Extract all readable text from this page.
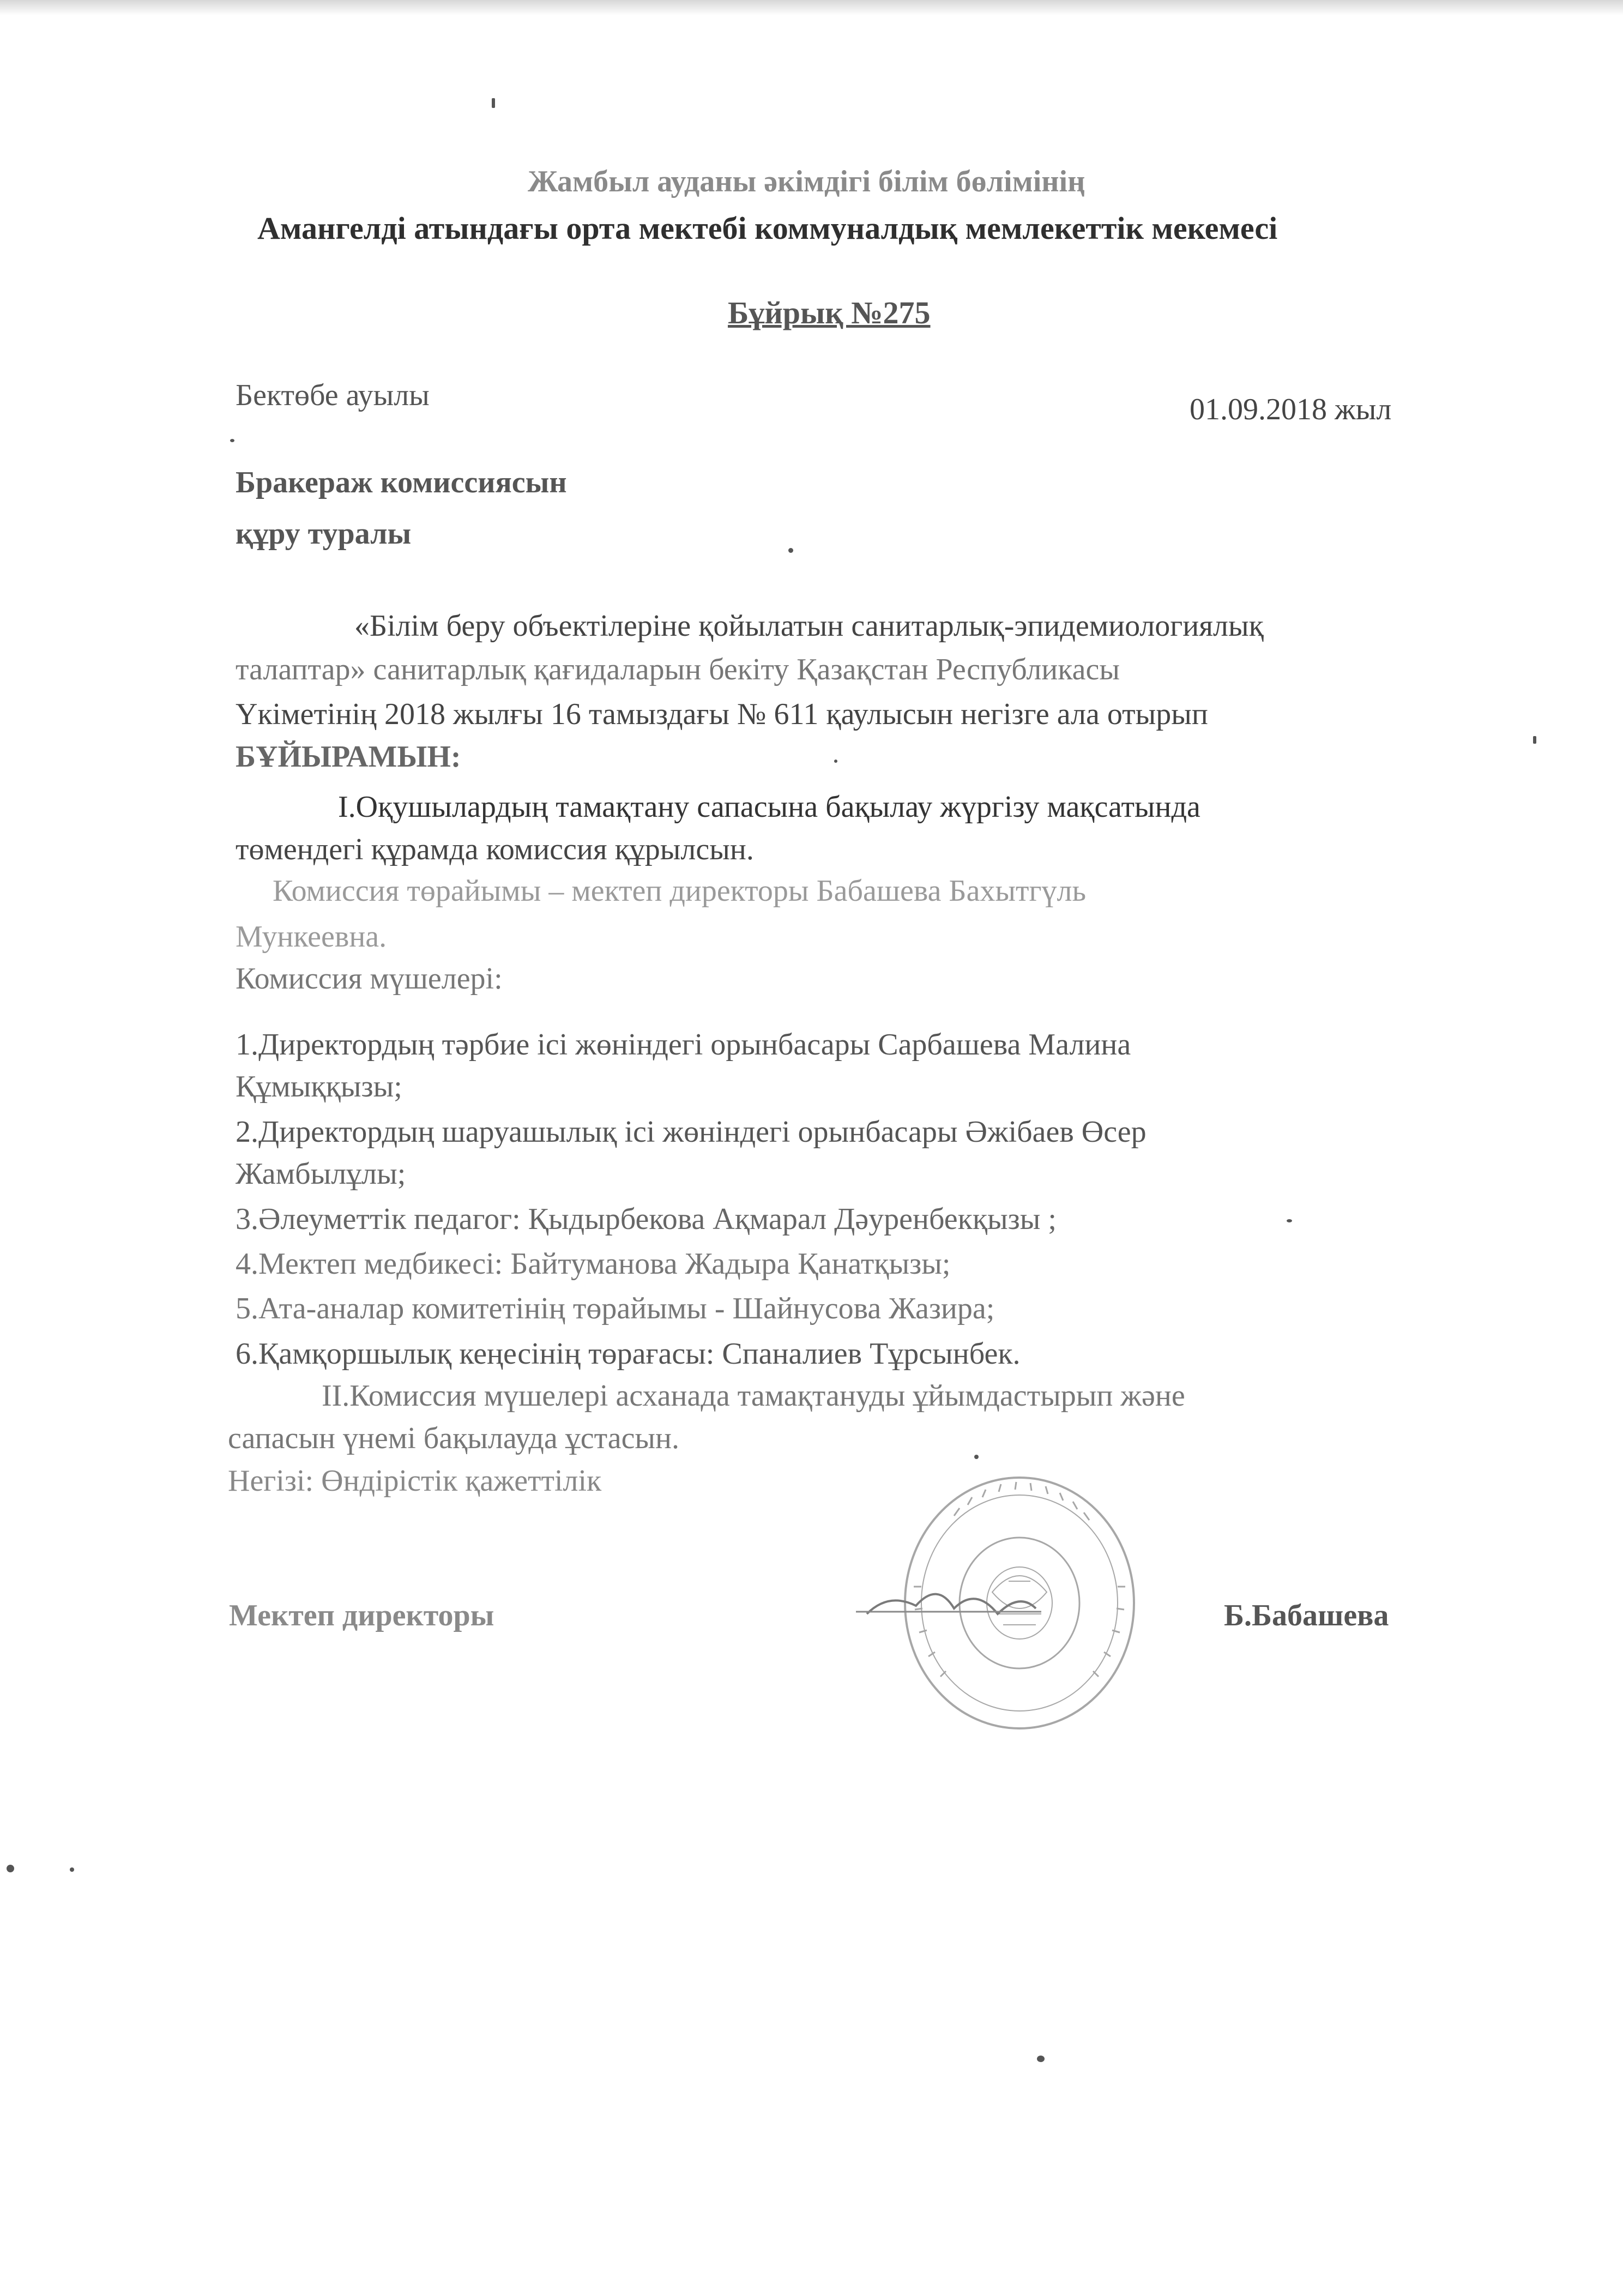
Жамбыл ауданы әкімдігі білім бөлімінің
Амангелді атындағы орта мектебі коммуналдық мемлекеттік мекемесі
Бұйрық №275
Бектөбе ауылы	01.09.2018 жыл
Бракераж комиссиясын
құру туралы
«Білім беру объектілеріне қойылатын санитарлық-эпидемиологиялық
талаптар» санитарлық қағидаларын бекіту Қазақстан Республикасы
Үкіметінің 2018 жылғы 16 тамыздағы № 611 қаулысын негізге ала отырып
БҰЙЫРАМЫН:
I.Оқушылардың тамақтану сапасына бақылау жүргізу мақсатында
төмендегі құрамда комиссия құрылсын.
Комиссия төрайымы – мектеп директоры Бабашева Бахытгүль
Мункеевна.
Комиссия мүшелері:
1.Директордың тәрбие ісі жөніндегі орынбасары Сарбашева Малина
Құмыққызы;
2.Директордың шаруашылық ісі жөніндегі орынбасары Әжібаев Өсер
Жамбылұлы;
3.Әлеуметтік педагог: Қыдырбекова Ақмарал Дәуренбекқызы ;
4.Мектеп медбикесі: Байтуманова Жадыра Қанатқызы;
5.Ата-аналар комитетінің төрайымы - Шайнусова Жазира;
6.Қамқоршылық кеңесінің төрағасы: Спаналиев Тұрсынбек.
II.Комиссия мүшелері асханада тамақтануды ұйымдастырып және
сапасын үнемі бақылауда ұстасын.
Негізі: Өндірістік қажеттілік
Мектеп директоры	Б.Бабашева
